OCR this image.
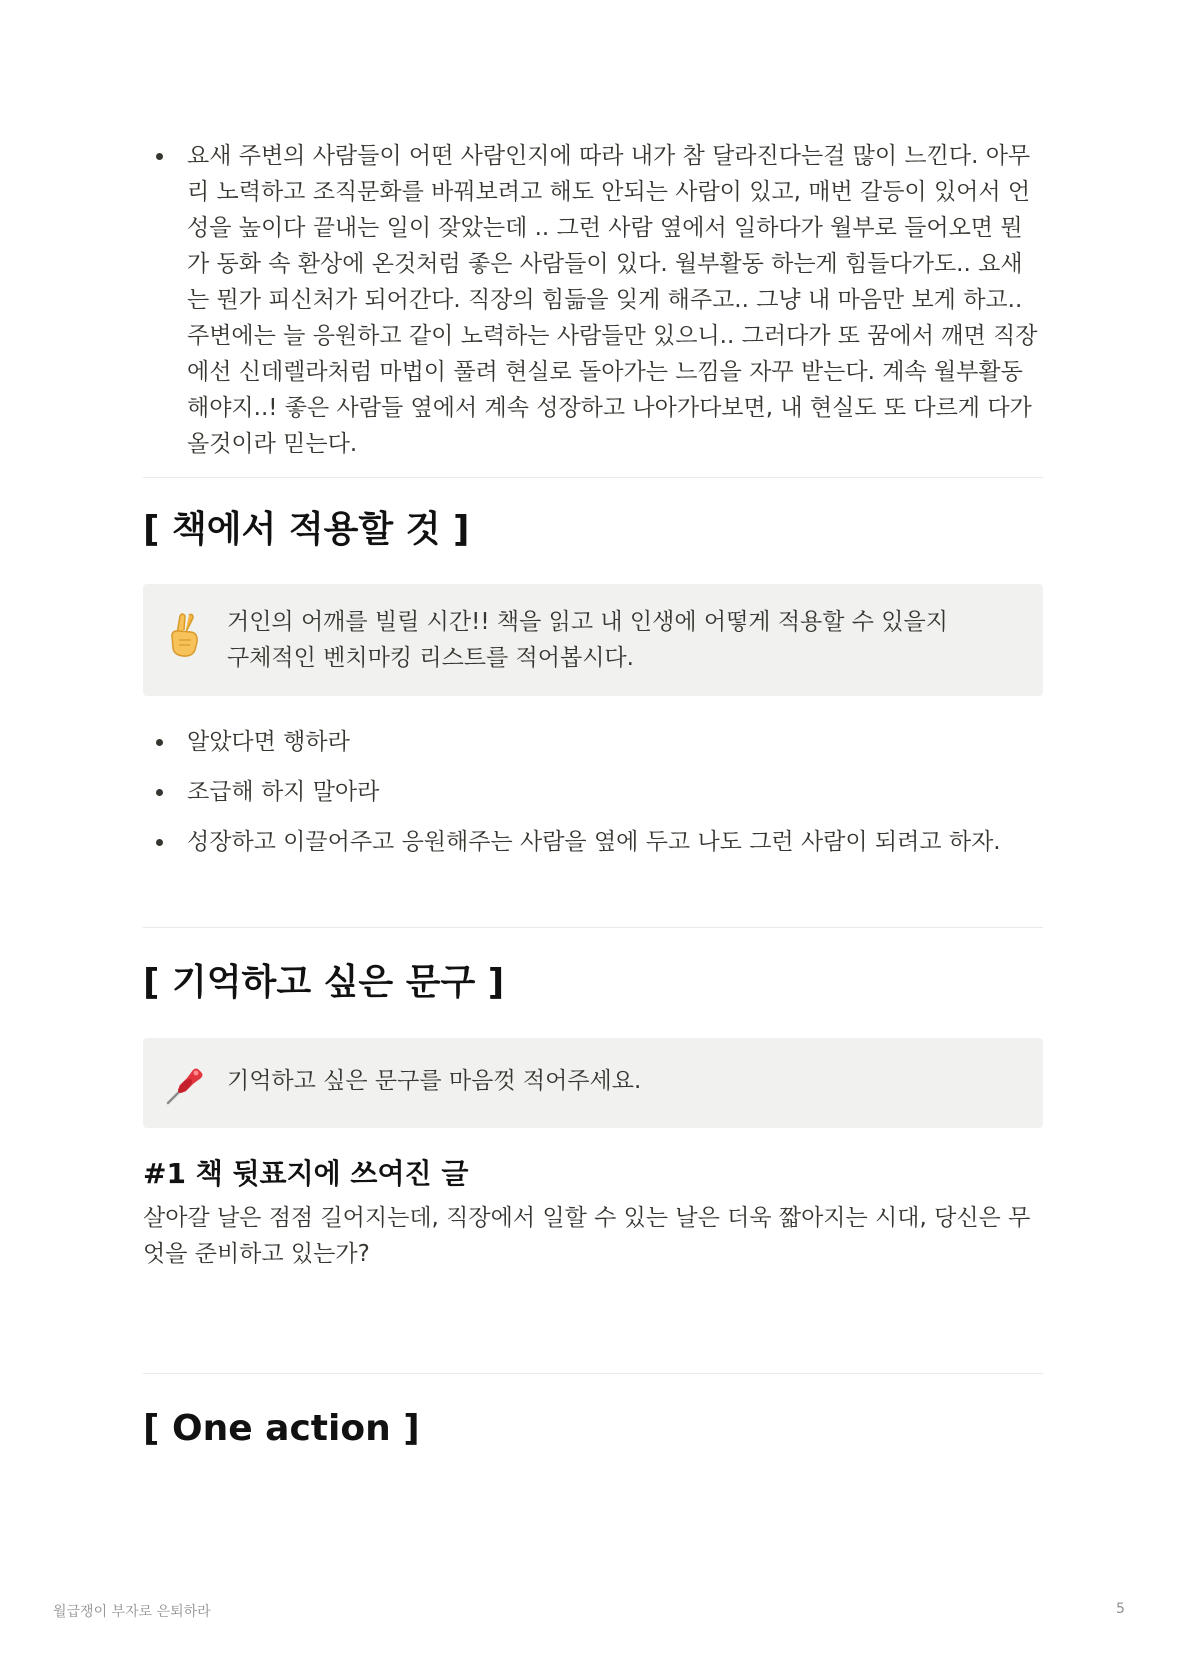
요새 주변의 사람들이 어떤 사람인지에 따라 내가 참 달라진다는걸 많이 느낀다. 아무리 노력하고 조직문화를 바꿔보려고 해도 안되는 사람이 있고, 매번 갈등이 있어서 언성을 높이다 끝내는 일이 잦았는데 .. 그런 사람 옆에서 일하다가 월부로 들어오면 뭔가 동화 속 환상에 온것처럼 좋은 사람들이 있다. 월부활동 하는게 힘들다가도.. 요새는 뭔가 피신처가 되어간다. 직장의 힘듦을 잊게 해주고.. 그냥 내 마음만 보게 하고.. 주변에는 늘 응원하고 같이 노력하는 사람들만 있으니.. 그러다가 또 꿈에서 깨면 직장에선 신데렐라처럼 마법이 풀려 현실로 돌아가는 느낌을 자꾸 받는다. 계속 월부활동 해야지..! 좋은 사람들 옆에서 계속 성장하고 나아가다보면, 내 현실도 또 다르게 다가올것이라 믿는다.
[ 책에서 적용할 것 ]
거인의 어깨를 빌릴 시간!! 책을 읽고 내 인생에 어떻게 적용할 수 있을지
구체적인 벤치마킹 리스트를 적어봅시다.
알았다면 행하라
조급해 하지 말아라
성장하고 이끌어주고 응원해주는 사람을 옆에 두고 나도 그런 사람이 되려고 하자.
[ 기억하고 싶은 문구 ]
기억하고 싶은 문구를 마음껏 적어주세요.
#1 책 뒷표지에 쓰여진 글

살아갈 날은 점점 길어지는데, 직장에서 일할 수 있는 날은 더욱 짧아지는 시대, 당신은 무엇을 준비하고 있는가?

[ One action ]
월급쟁이 부자로 은퇴하라	5
